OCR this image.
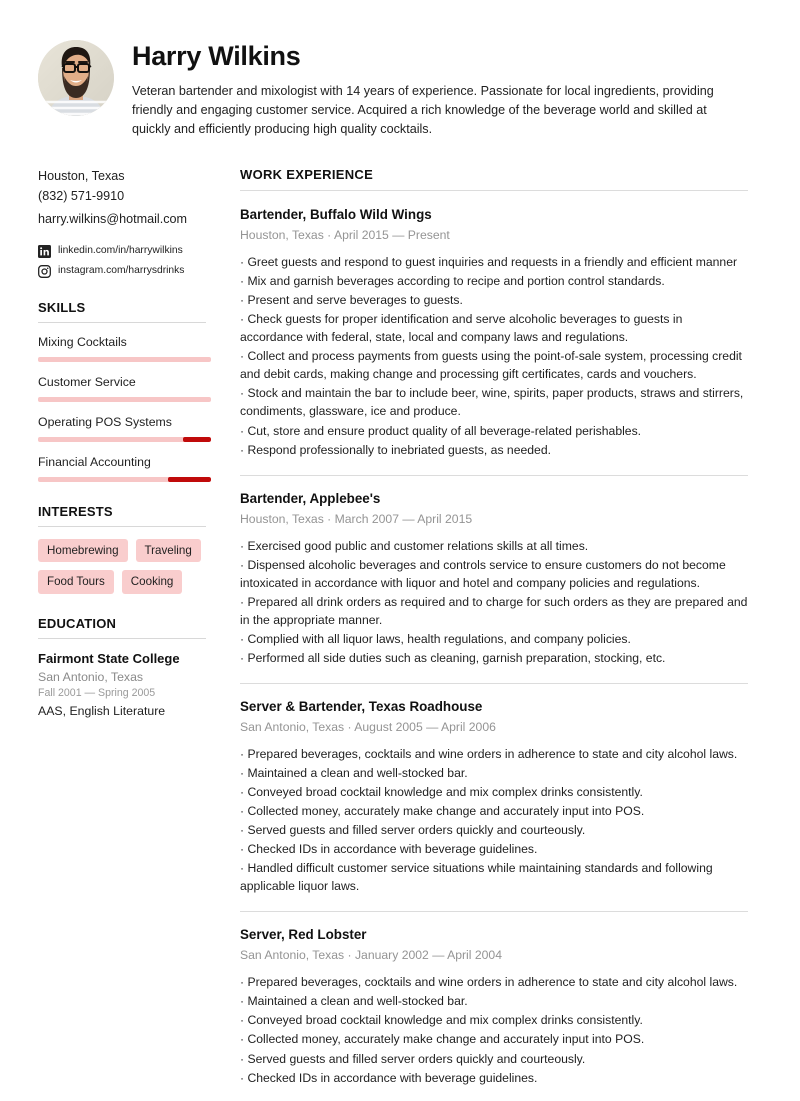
Harry Wilkins

Veteran bartender and mixologist with 14 years of experience. Passionate for local ingredients, providing friendly and engaging customer service. Acquired a rich knowledge of the beverage world and skilled at quickly and efficiently producing high quality cocktails.

Houston, Texas
(832) 571-9910
harry.wilkins@hotmail.com
linkedin.com/in/harrywilkins
instagram.com/harrysdrinks
SKILLS
Mixing Cocktails
Customer Service
Operating POS Systems
Financial Accounting
INTERESTS
Homebrewing	Traveling
Food Tours	Cooking
EDUCATION
Fairmont State College
San Antonio, Texas
Fall 2001 — Spring 2005
AAS, English Literature
WORK EXPERIENCE
Bartender, Buffalo Wild Wings
Houston, Texas · April 2015 — Present

· Greet guests and respond to guest inquiries and requests in a friendly and efficient manner

· Mix and garnish beverages according to recipe and portion control standards.

· Present and serve beverages to guests.

· Check guests for proper identification and serve alcoholic beverages to guests in accordance with federal, state, local and company laws and regulations.

· Collect and process payments from guests using the point-of-sale system, processing credit and debit cards, making change and processing gift certificates, cards and vouchers.

· Stock and maintain the bar to include beer, wine, spirits, paper products, straws and stirrers, condiments, glassware, ice and produce.

· Cut, store and ensure product quality of all beverage-related perishables.

· Respond professionally to inebriated guests, as needed.

Bartender, Applebee's
Houston, Texas · March 2007 — April 2015

· Exercised good public and customer relations skills at all times.

· Dispensed alcoholic beverages and controls service to ensure customers do not become intoxicated in accordance with liquor and hotel and company policies and regulations.

· Prepared all drink orders as required and to charge for such orders as they are prepared and in the appropriate manner.

· Complied with all liquor laws, health regulations, and company policies.

· Performed all side duties such as cleaning, garnish preparation, stocking, etc.

Server & Bartender, Texas Roadhouse
San Antonio, Texas · August 2005 — April 2006

· Prepared beverages, cocktails and wine orders in adherence to state and city alcohol laws.

· Maintained a clean and well-stocked bar.

· Conveyed broad cocktail knowledge and mix complex drinks consistently.

· Collected money, accurately make change and accurately input into POS.

· Served guests and filled server orders quickly and courteously.

· Checked IDs in accordance with beverage guidelines.

· Handled difficult customer service situations while maintaining standards and following applicable liquor laws.

Server, Red Lobster
San Antonio, Texas · January 2002 — April 2004

· Prepared beverages, cocktails and wine orders in adherence to state and city alcohol laws.

· Maintained a clean and well-stocked bar.

· Conveyed broad cocktail knowledge and mix complex drinks consistently.

· Collected money, accurately make change and accurately input into POS.

· Served guests and filled server orders quickly and courteously.

· Checked IDs in accordance with beverage guidelines.
